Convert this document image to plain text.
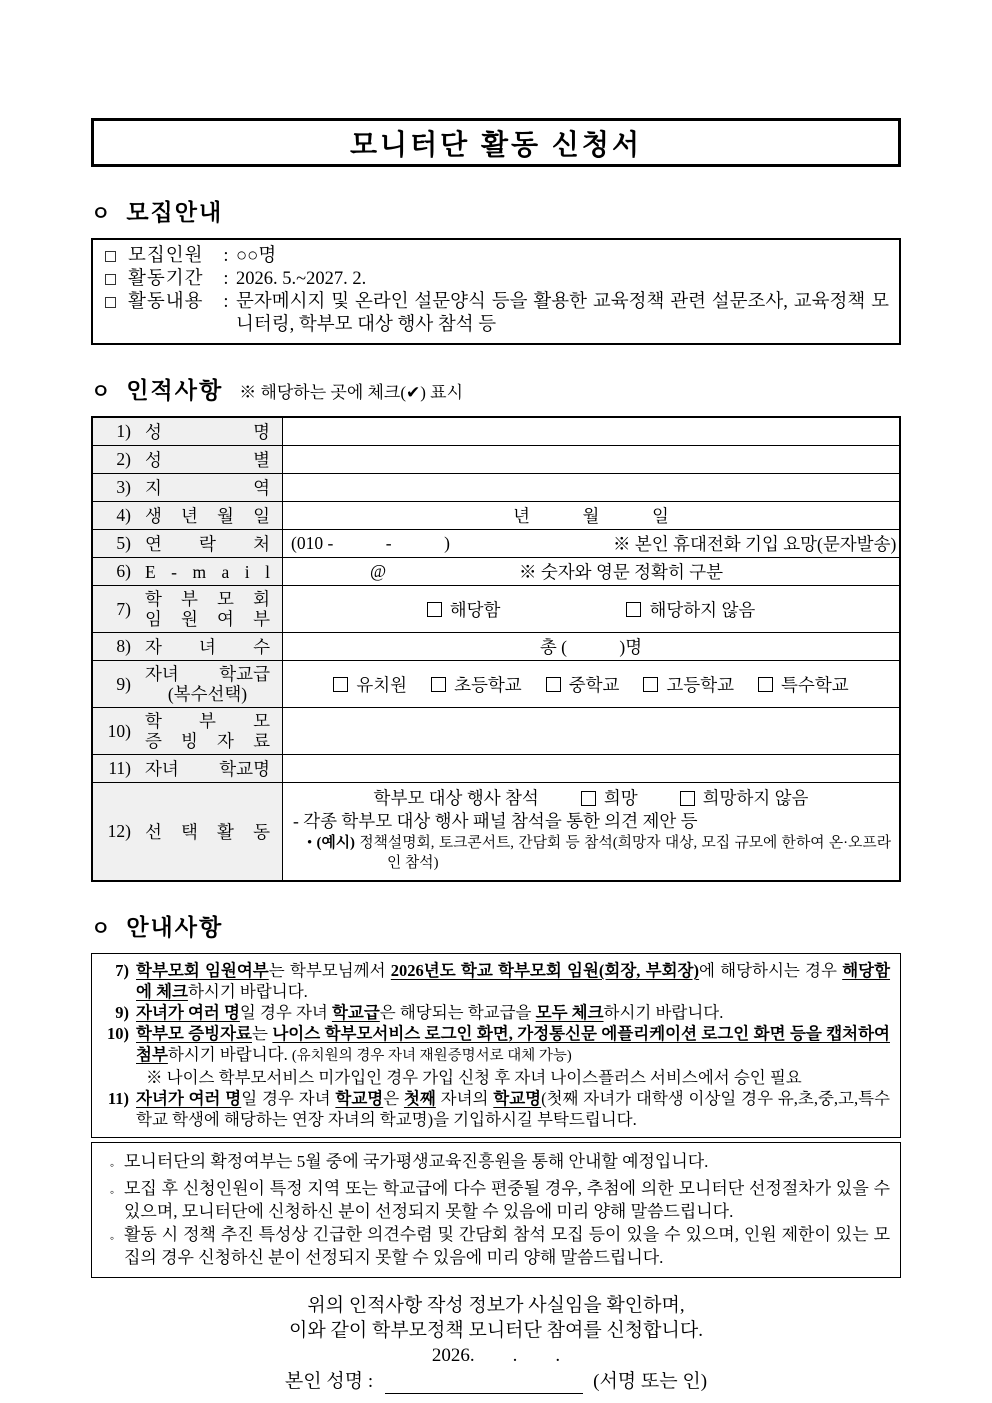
모니터단 활동 신청서
ㅇ 모집안내
모집인원	: ○○명
활동기간	: 2026. 5.~2027. 2.
활동내용	: 문자메시지 및 온라인 설문양식 등을 활용한 교육정책 관련 설문조사, 교육정책 모니터링, 학부모 대상 행사 참석 등
ㅇ 인적사항 ※ 해당하는 곳에 체크(✔) 표시
1) 성 명
2) 성 별
3) 지 역
4) 생 년 월 일	년            월            일
5) 연 락 처	(010 -            -            )	※ 본인 휴대전화 기입 요망(문자발송)
6) E - m a i l	@	※ 숫자와 영문 정확히 구분
7) 학 부 모 회
임 원 여 부	해당함	해당하지 않음
8) 자 녀 수	총 (            )명
9) 자녀 학교급
(복수선택)	유치원	초등학교	중학교	고등학교	특수학교
10) 학 부 모
증 빙 자 료
11) 자녀 학교명
12) 선 택 활 동
학부모 대상 행사 참석	희망	희망하지 않음
- 각종 학부모 대상 행사 패널 참석을 통한 의견 제안 등
• (예시) 정책설명회, 토크콘서트, 간담회 등 참석(희망자 대상, 모집 규모에 한하여 온·오프라인 참석)
ㅇ 안내사항
7) 학부모회 임원여부는 학부모님께서 2026년도 학교 학부모회 임원(회장, 부회장)에 해당하시는 경우 해당함에 체크하시기 바랍니다.
9) 자녀가 여러 명일 경우 자녀 학교급은 해당되는 학교급을 모두 체크하시기 바랍니다.
10) 학부모 증빙자료는 나이스 학부모서비스 로그인 화면, 가정통신문 에플리케이션 로그인 화면 등을 캡처하여 첨부하시기 바랍니다. (유치원의 경우 자녀 재원증명서로 대체 가능)
※ 나이스 학부모서비스 미가입인 경우 가입 신청 후 자녀 나이스플러스 서비스에서 승인 필요
11) 자녀가 여러 명일 경우 자녀 학교명은 첫째 자녀의 학교명(첫째 자녀가 대학생 이상일 경우 유,초,중,고,특수학교 학생에 해당하는 연장 자녀의 학교명)을 기입하시길 부탁드립니다.
◦ 모니터단의 확정여부는 5월 중에 국가평생교육진흥원을 통해 안내할 예정입니다.
◦ 모집 후 신청인원이 특정 지역 또는 학교급에 다수 편중될 경우, 추첨에 의한 모니터단 선정절차가 있을 수 있으며, 모니터단에 신청하신 분이 선정되지 못할 수 있음에 미리 양해 말씀드립니다.
◦ 활동 시 정책 추진 특성상 긴급한 의견수렴 및 간담회 참석 모집 등이 있을 수 있으며, 인원 제한이 있는 모집의 경우 신청하신 분이 선정되지 못할 수 있음에 미리 양해 말씀드립니다.
위의 인적사항 작성 정보가 사실임을 확인하며,
이와 같이 학부모정책 모니터단 참여를 신청합니다.
2026.        .        .
본인 성명 :	(서명 또는 인)
